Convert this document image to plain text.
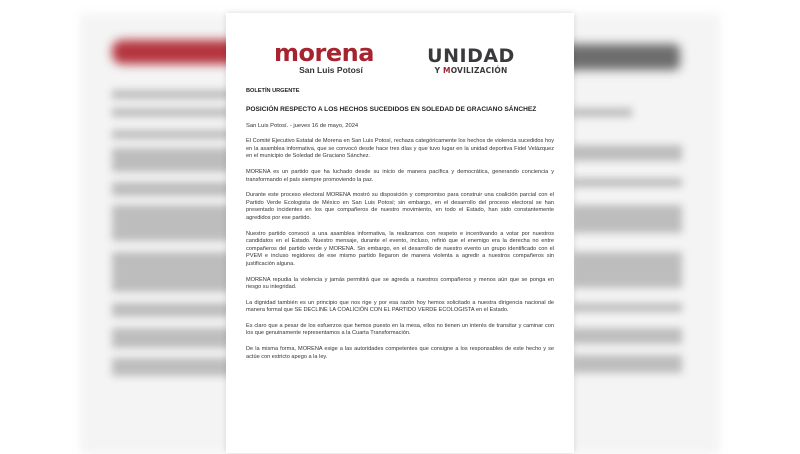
morena
San Luis Potosí
UNIDAD
Y MOVILIZACIÓN
BOLETÍN URGENTE
POSICIÓN RESPECTO A LOS HECHOS SUCEDIDOS EN SOLEDAD DE GRACIANO SÁNCHEZ
San Luis Potosí. - jueves 16 de mayo, 2024

El Comité Ejecutivo Estatal de Morena en San Luis Potosí, rechaza categóricamente los hechos de violencia sucedidos hoy en la asamblea informativa, que se convocó desde hace tres días y que tuvo lugar en la unidad deportiva Fidel Velázquez en el municipio de Soledad de Graciano Sánchez.

MORENA es un partido que ha luchado desde su inicio de manera pacífica y democrática, generando conciencia y transformando el país siempre promoviendo la paz.

Durante este proceso electoral MORENA mostró su disposición y compromiso para construir una coalición parcial con el Partido Verde Ecologista de México en San Luis Potosí; sin embargo, en el desarrollo del proceso electoral se han presentado incidentes en los que compañeros de nuestro movimiento, en todo el Estado, han sido constantemente agredidos por ese partido.

Nuestro partido convocó a una asamblea informativa, la realizamos con respeto e incentivando a votar por nuestros candidatos en el Estado. Nuestro mensaje, durante el evento, incluso, refirió que el enemigo era la derecha no entre compañeros del partido verde y MORENA. Sin embargo, en el desarrollo de nuestro evento un grupo identificado con el PVEM e incluso regidores de ese mismo partido llegaron de manera violenta a agredir a nuestros compañeros sin justificación alguna.

MORENA repudia la violencia y jamás permitirá que se agreda a nuestros compañeros y menos aún que se ponga en riesgo su integridad.

La dignidad también es un principio que nos rige y por esa razón hoy hemos solicitado a nuestra dirigencia nacional de manera formal que SE DECLINE LA COALICIÓN CON EL PARTIDO VERDE ECOLOGISTA en el Estado.

Es claro que a pesar de los esfuerzos que hemos puesto en la mesa, ellos no tienen un interés de transitar y caminar con los que genuinamente representamos a la Cuarta Transformación.

De la misma forma, MORENA exige a las autoridades competentes que consigne a los responsables de este hecho y se actúe con estricto apego a la ley.
